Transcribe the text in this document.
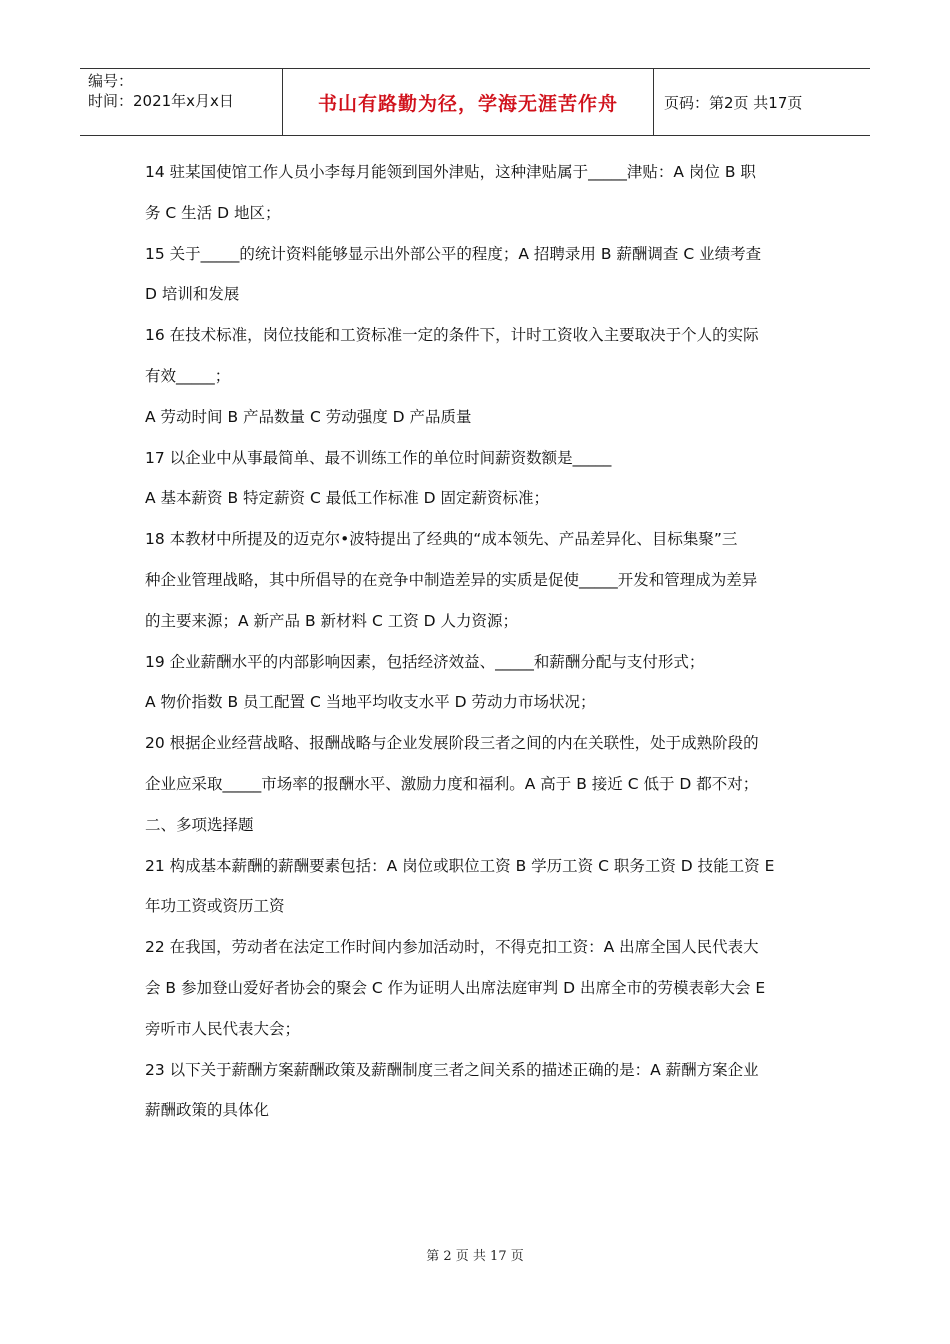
编号：
时间：2021年x月x日	书山有路勤为径，学海无涯苦作舟	页码：第2页 共17页

14 驻某国使馆工作人员小李每月能领到国外津贴，这种津贴属于_____津贴：A 岗位 B 职

务 C 生活 D 地区；

15 关于_____的统计资料能够显示出外部公平的程度；A 招聘录用 B 薪酬调查 C 业绩考查

D 培训和发展

16 在技术标准，岗位技能和工资标准一定的条件下，计时工资收入主要取决于个人的实际

有效_____；

A 劳动时间 B 产品数量 C 劳动强度 D 产品质量

17 以企业中从事最简单、最不训练工作的单位时间薪资数额是_____

A 基本薪资 B 特定薪资 C 最低工作标准 D 固定薪资标准；

18 本教材中所提及的迈克尔•波特提出了经典的“成本领先、产品差异化、目标集聚”三

种企业管理战略，其中所倡导的在竞争中制造差异的实质是促使_____开发和管理成为差异

的主要来源；A 新产品 B 新材料 C 工资 D 人力资源；

19 企业薪酬水平的内部影响因素，包括经济效益、_____和薪酬分配与支付形式；

A 物价指数 B 员工配置 C 当地平均收支水平 D 劳动力市场状况；

20 根据企业经营战略、报酬战略与企业发展阶段三者之间的内在关联性，处于成熟阶段的

企业应采取_____市场率的报酬水平、激励力度和福利。A 高于 B 接近 C 低于 D 都不对；

二、多项选择题

21 构成基本薪酬的薪酬要素包括：A 岗位或职位工资 B 学历工资 C 职务工资 D 技能工资 E

年功工资或资历工资

22 在我国，劳动者在法定工作时间内参加活动时，不得克扣工资：A 出席全国人民代表大

会 B 参加登山爱好者协会的聚会 C 作为证明人出席法庭审判 D 出席全市的劳模表彰大会 E

旁听市人民代表大会；

23 以下关于薪酬方案薪酬政策及薪酬制度三者之间关系的描述正确的是：A 薪酬方案企业

薪酬政策的具体化

第 2 页 共 17 页
